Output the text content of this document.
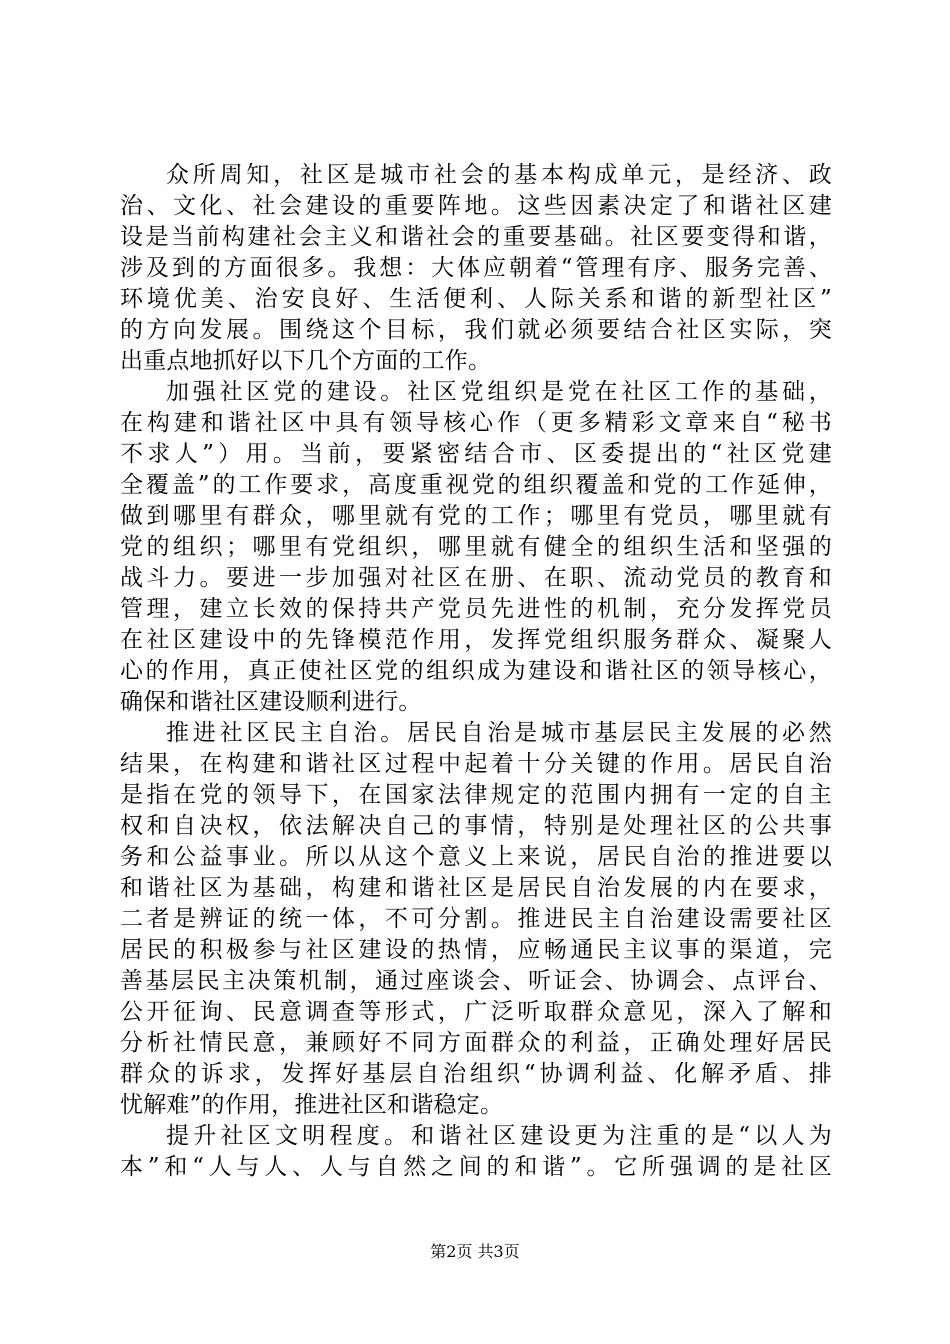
众所周知，社区是城市社会的基本构成单元，是经济、政
治、文化、社会建设的重要阵地。这些因素决定了和谐社区建
设是当前构建社会主义和谐社会的重要基础。社区要变得和谐，
涉及到的方面很多。我想：大体应朝着“管理有序、服务完善、
环境优美、治安良好、生活便利、人际关系和谐的新型社区”
的方向发展。围绕这个目标，我们就必须要结合社区实际，突
出重点地抓好以下几个方面的工作。
加强社区党的建设。社区党组织是党在社区工作的基础，
在构建和谐社区中具有领导核心作（更多精彩文章来自“秘书
不求人”）用。当前，要紧密结合市、区委提出的“社区党建
全覆盖”的工作要求，高度重视党的组织覆盖和党的工作延伸，
做到哪里有群众，哪里就有党的工作；哪里有党员，哪里就有
党的组织；哪里有党组织，哪里就有健全的组织生活和坚强的
战斗力。要进一步加强对社区在册、在职、流动党员的教育和
管理，建立长效的保持共产党员先进性的机制，充分发挥党员
在社区建设中的先锋模范作用，发挥党组织服务群众、凝聚人
心的作用，真正使社区党的组织成为建设和谐社区的领导核心，
确保和谐社区建设顺利进行。
推进社区民主自治。居民自治是城市基层民主发展的必然
结果，在构建和谐社区过程中起着十分关键的作用。居民自治
是指在党的领导下，在国家法律规定的范围内拥有一定的自主
权和自决权，依法解决自己的事情，特别是处理社区的公共事
务和公益事业。所以从这个意义上来说，居民自治的推进要以
和谐社区为基础，构建和谐社区是居民自治发展的内在要求，
二者是辨证的统一体，不可分割。推进民主自治建设需要社区
居民的积极参与社区建设的热情，应畅通民主议事的渠道，完
善基层民主决策机制，通过座谈会、听证会、协调会、点评台、
公开征询、民意调查等形式，广泛听取群众意见，深入了解和
分析社情民意，兼顾好不同方面群众的利益，正确处理好居民
群众的诉求，发挥好基层自治组织“协调利益、化解矛盾、排
忧解难”的作用，推进社区和谐稳定。
提升社区文明程度。和谐社区建设更为注重的是“以人为
本”和“人与人、人与自然之间的和谐”。它所强调的是社区
第2页 共3页
